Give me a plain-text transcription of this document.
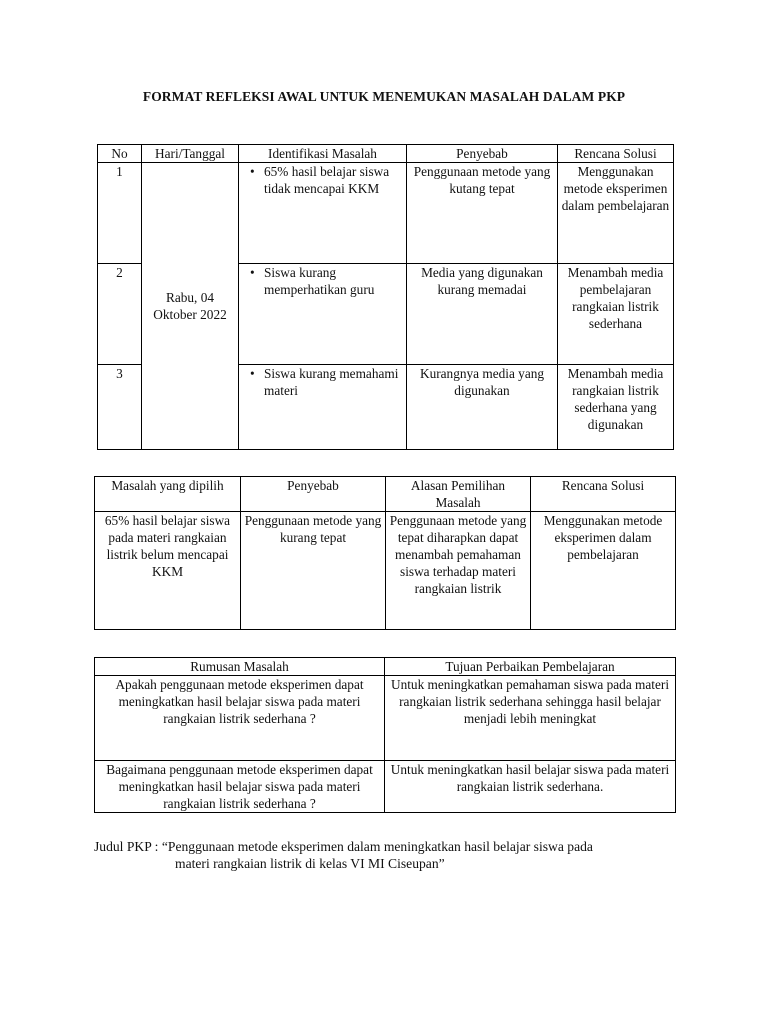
FORMAT REFLEKSI AWAL UNTUK MENEMUKAN MASALAH DALAM PKP
No	Hari/Tanggal	Identifikasi Masalah	Penyebab	Rencana Solusi
1	Rabu, 04 Oktober 2022	• 65% hasil belajar siswa tidak mencapai KKM	Penggunaan metode yang kutang tepat	Menggunakan metode eksperimen dalam pembelajaran
2		• Siswa kurang memperhatikan guru	Media yang digunakan kurang memadai	Menambah media pembelajaran rangkaian listrik sederhana
3		• Siswa kurang memahami materi	Kurangnya media yang digunakan	Menambah media rangkaian listrik sederhana yang digunakan
Masalah yang dipilih	Penyebab	Alasan Pemilihan Masalah	Rencana Solusi
65% hasil belajar siswa pada materi rangkaian listrik belum mencapai KKM	Penggunaan metode yang kurang tepat	Penggunaan metode yang tepat diharapkan dapat menambah pemahaman siswa terhadap materi rangkaian listrik	Menggunakan metode eksperimen dalam pembelajaran
Rumusan Masalah	Tujuan Perbaikan Pembelajaran
Apakah penggunaan metode eksperimen dapat meningkatkan hasil belajar siswa pada materi rangkaian listrik sederhana ?	Untuk meningkatkan pemahaman siswa pada materi rangkaian listrik sederhana sehingga hasil belajar menjadi lebih meningkat
Bagaimana penggunaan metode eksperimen dapat meningkatkan hasil belajar siswa pada materi rangkaian listrik sederhana ?	Untuk meningkatkan hasil belajar siswa pada materi rangkaian listrik sederhana.
Judul PKP : “Penggunaan metode eksperimen dalam meningkatkan hasil belajar siswa pada
materi rangkaian listrik di kelas VI MI Ciseupan”
